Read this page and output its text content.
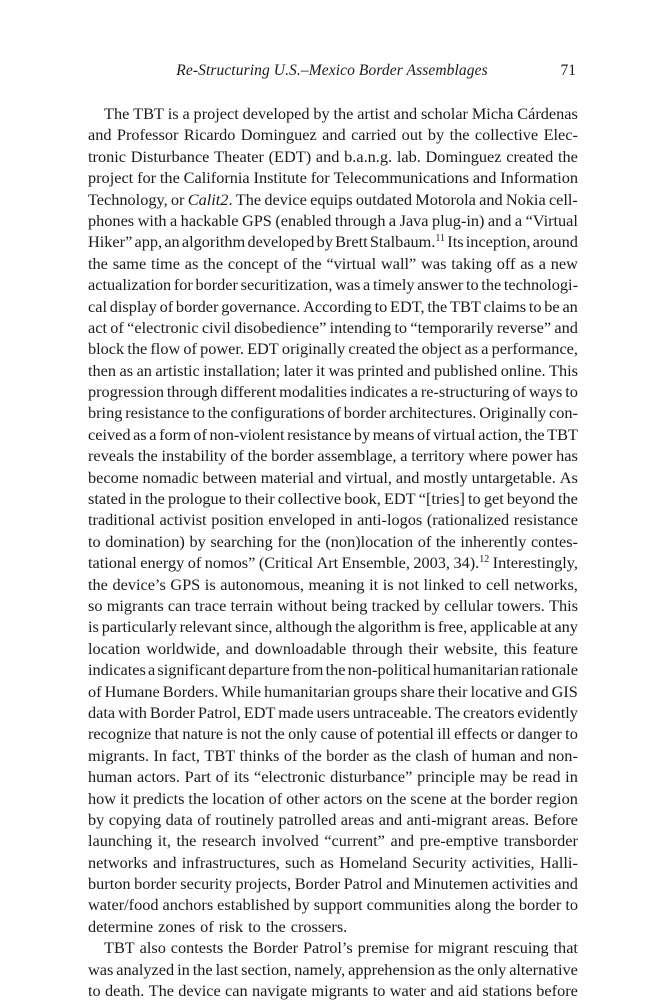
Re-Structuring U.S.–Mexico Border Assemblages	71
The TBT is a project developed by the artist and scholar Micha Cárdenas
and Professor Ricardo Dominguez and carried out by the collective Elec-
tronic Disturbance Theater (EDT) and b.a.n.g. lab. Dominguez created the
project for the California Institute for Telecommunications and Information
Technology, or Calit2. The device equips outdated Motorola and Nokia cell-
phones with a hackable GPS (enabled through a Java plug-in) and a “Virtual
Hiker” app, an algorithm developed by Brett Stalbaum.$^{11}$ Its inception, around
the same time as the concept of the “virtual wall” was taking off as a new
actualization for border securitization, was a timely answer to the technologi-
cal display of border governance. According to EDT, the TBT claims to be an
act of “electronic civil disobedience” intending to “temporarily reverse” and
block the flow of power. EDT originally created the object as a performance,
then as an artistic installation; later it was printed and published online. This
progression through different modalities indicates a re-structuring of ways to
bring resistance to the configurations of border architectures. Originally con-
ceived as a form of non-violent resistance by means of virtual action, the TBT
reveals the instability of the border assemblage, a territory where power has
become nomadic between material and virtual, and mostly untargetable. As
stated in the prologue to their collective book, EDT “[tries] to get beyond the
traditional activist position enveloped in anti-logos (rationalized resistance
to domination) by searching for the (non)location of the inherently contes-
tational energy of nomos” (Critical Art Ensemble, 2003, 34).$^{12}$ Interestingly,
the device’s GPS is autonomous, meaning it is not linked to cell networks,
so migrants can trace terrain without being tracked by cellular towers. This
is particularly relevant since, although the algorithm is free, applicable at any
location worldwide, and downloadable through their website, this feature
indicates a significant departure from the non-political humanitarian rationale
of Humane Borders. While humanitarian groups share their locative and GIS
data with Border Patrol, EDT made users untraceable. The creators evidently
recognize that nature is not the only cause of potential ill effects or danger to
migrants. In fact, TBT thinks of the border as the clash of human and non-
human actors. Part of its “electronic disturbance” principle may be read in
how it predicts the location of other actors on the scene at the border region
by copying data of routinely patrolled areas and anti-migrant areas. Before
launching it, the research involved “current” and pre-emptive transborder
networks and infrastructures, such as Homeland Security activities, Halli-
burton border security projects, Border Patrol and Minutemen activities and
water/food anchors established by support communities along the border to
determine zones of risk to the crossers.
TBT also contests the Border Patrol’s premise for migrant rescuing that
was analyzed in the last section, namely, apprehension as the only alternative
to death. The device can navigate migrants to water and aid stations before
